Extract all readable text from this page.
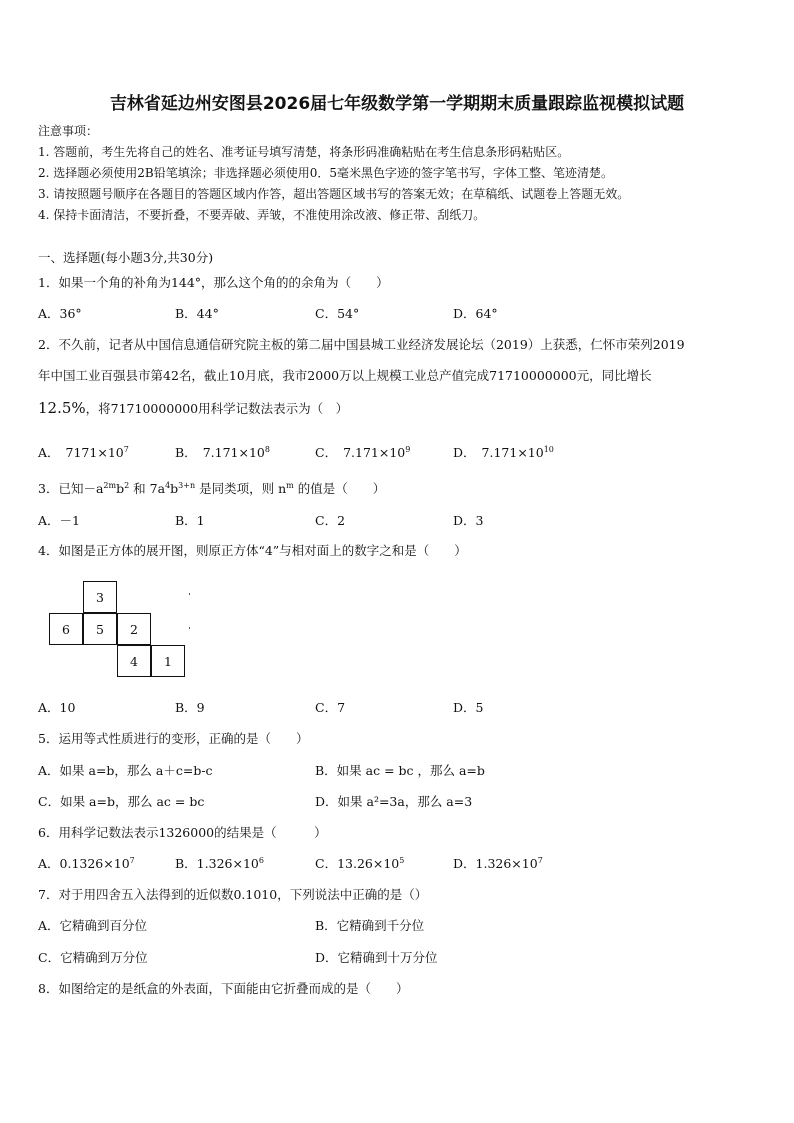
吉林省延边州安图县2026届七年级数学第一学期期末质量跟踪监视模拟试题
注意事项：
1. 答题前，考生先将自己的姓名、准考证号填写清楚，将条形码准确粘贴在考生信息条形码粘贴区。
2. 选择题必须使用2B铅笔填涂；非选择题必须使用0．5毫米黑色字迹的签字笔书写，字体工整、笔迹清楚。
3. 请按照题号顺序在各题目的答题区域内作答，超出答题区域书写的答案无效；在草稿纸、试题卷上答题无效。
4. 保持卡面清洁，不要折叠，不要弄破、弄皱，不准使用涂改液、修正带、刮纸刀。
一、选择题(每小题3分,共30分)
1．如果一个角的补角为144°，那么这个角的的余角为（　　）
A．36°	B．44°	C．54°	D．64°
2．不久前，记者从中国信息通信研究院主板的第二届中国县城工业经济发展论坛（2019）上获悉，仁怀市荣列2019
年中国工业百强县市第42名，截止10月底，我市2000万以上规模工业总产值完成71710000000元，同比增长
12.5%，将71710000000用科学记数法表示为（　）
A． $7171\times 10^7$	B． $7.171\times 10^8$	C． $7.171\times 10^9$	D． $7.171\times 10^{10}$
3．已知$-a^{2m}b^2$ 和 $7a^4b^{3+n}$ 是同类项，则 $n^m$ 的值是（　　）
A．－1	B．1	C．2	D．3
4．如图是正方体的展开图，则原正方体“4”与相对面上的数字之和是（　　）
3
6	5	2
4	1
A．10	B．9	C．7	D．5
5．运用等式性质进行的变形，正确的是（　　）
A．如果 a=b，那么 a＋c=b-c	B．如果 ac = bc ，那么 a=b
C．如果 a=b，那么 ac = bc	D．如果 a²=3a，那么 a=3
6．用科学记数法表示1326000的结果是（　　　）
A．$0.1326\times 10^7$	B．$1.326\times 10^6$	C．$13.26\times 10^5$	D．$1.326\times 10^7$
7．对于用四舍五入法得到的近似数0.1010，下列说法中正确的是（）
A．它精确到百分位	B．它精确到千分位
C．它精确到万分位	D．它精确到十万分位
8．如图给定的是纸盒的外表面，下面能由它折叠而成的是（　　）
